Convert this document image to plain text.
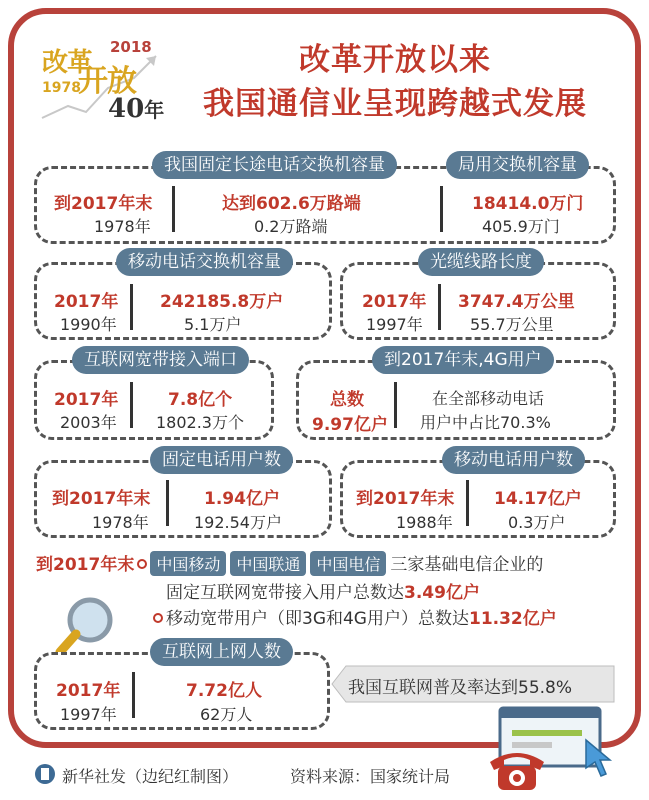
改革
2018
开放
1978
40年
改革开放以来
我国通信业呈现跨越式发展
我国固定长途电话交换机容量	局用交换机容量
到2017年末
1978年
达到602.6万路端
0.2万路端
18414.0万门
405.9万门
移动电话交换机容量
2017年
1990年
242185.8万户
5.1万户
光缆线路长度
2017年
1997年
3747.4万公里
55.7万公里
互联网宽带接入端口
2017年
2003年
7.8亿个
1802.3万个
到2017年末,4G用户
总数
9.97亿户
在全部移动电话
用户中占比70.3%
固定电话用户数
到2017年末
1978年
1.94亿户
192.54万户
移动电话用户数
到2017年末
1988年
14.17亿户
0.3万户
到2017年末 中国移动 中国联通 中国电信 三家基础电信企业的
固定互联网宽带接入用户总数达3.49亿户
移动宽带用户（即3G和4G用户）总数达11.32亿户
互联网上网人数
2017年
1997年
7.72亿人
62万人
我国互联网普及率达到55.8%
新华社发（边纪红制图）	资料来源：国家统计局
